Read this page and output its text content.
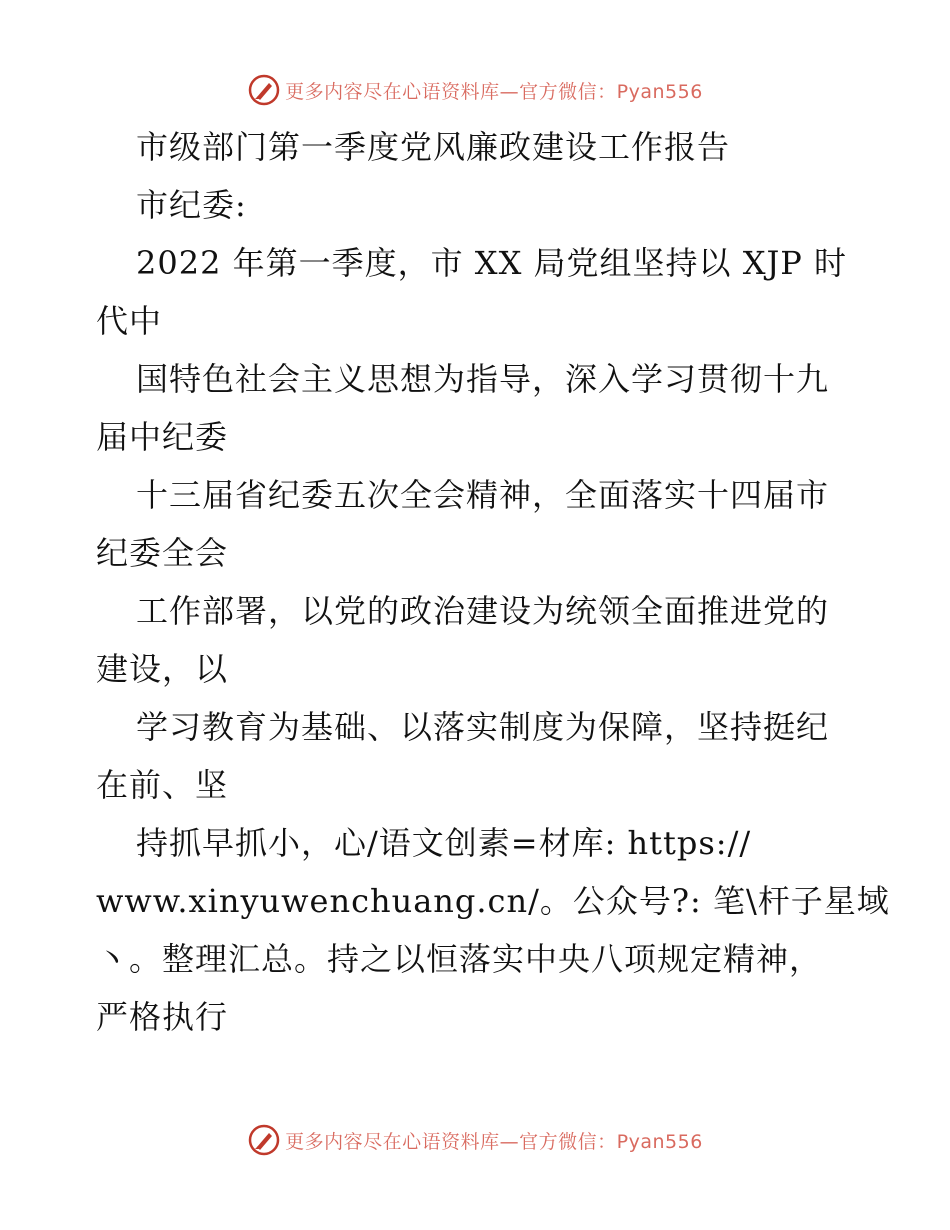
更多内容尽在心语资料库—官方微信：Pyan556
市级部门第一季度党风廉政建设工作报告
市纪委:
2022 年第一季度，市 XX 局党组坚持以 XJP 时
代中
国特色社会主义思想为指导，深入学习贯彻十九
届中纪委
十三届省纪委五次全会精神，全面落实十四届市
纪委全会
工作部署，以党的政治建设为统领全面推进党的
建设，以
学习教育为基础、以落实制度为保障，坚持挺纪
在前、坚
持抓早抓小，心/语文创素=材库: https://
www.xinyuwenchuang.cn/。公众号?: 笔\杆子星域
丶。整理汇总。持之以恒落实中央八项规定精神，
严格执行
更多内容尽在心语资料库—官方微信：Pyan556
